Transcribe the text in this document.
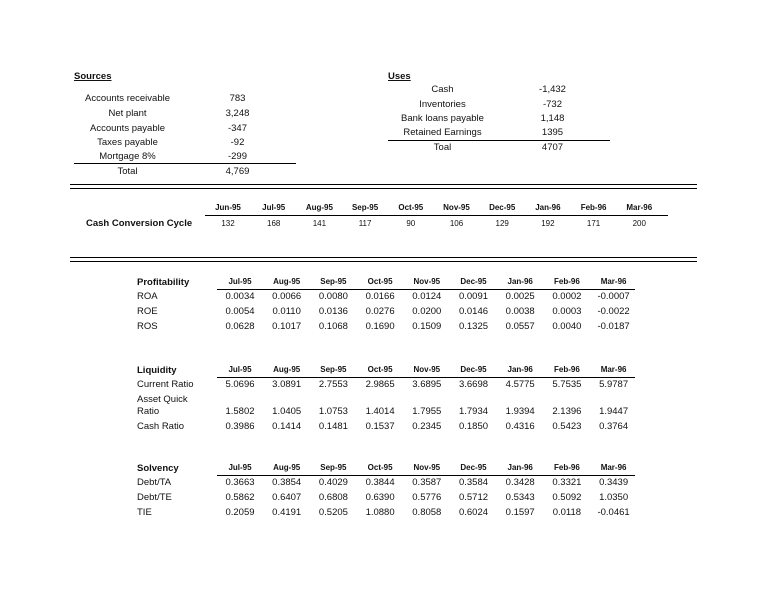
Sources
Accounts receivable	783
Net plant	3,248
Accounts payable	-347
Taxes payable	-92
Mortgage 8%	-299
Total	4,769
Uses
Cash	-1,432
Inventories	-732
Bank loans payable	1,148
Retained Earnings	1395
Toal	4707
Jun-95	Jul-95	Aug-95	Sep-95	Oct-95	Nov-95	Dec-95	Jan-96	Feb-96	Mar-96
Cash Conversion Cycle	132	168	141	117	90	106	129	192	171	200
Profitability	Jul-95	Aug-95	Sep-95	Oct-95	Nov-95	Dec-95	Jan-96	Feb-96	Mar-96
ROA	0.0034	0.0066	0.0080	0.0166	0.0124	0.0091	0.0025	0.0002	-0.0007
ROE	0.0054	0.0110	0.0136	0.0276	0.0200	0.0146	0.0038	0.0003	-0.0022
ROS	0.0628	0.1017	0.1068	0.1690	0.1509	0.1325	0.0557	0.0040	-0.0187
Liquidity	Jul-95	Aug-95	Sep-95	Oct-95	Nov-95	Dec-95	Jan-96	Feb-96	Mar-96
Current Ratio	5.0696	3.0891	2.7553	2.9865	3.6895	3.6698	4.5775	5.7535	5.9787
Asset Quick
Ratio	1.5802	1.0405	1.0753	1.4014	1.7955	1.7934	1.9394	2.1396	1.9447
Cash Ratio	0.3986	0.1414	0.1481	0.1537	0.2345	0.1850	0.4316	0.5423	0.3764
Solvency	Jul-95	Aug-95	Sep-95	Oct-95	Nov-95	Dec-95	Jan-96	Feb-96	Mar-96
Debt/TA	0.3663	0.3854	0.4029	0.3844	0.3587	0.3584	0.3428	0.3321	0.3439
Debt/TE	0.5862	0.6407	0.6808	0.6390	0.5776	0.5712	0.5343	0.5092	1.0350
TIE	0.2059	0.4191	0.5205	1.0880	0.8058	0.6024	0.1597	0.0118	-0.0461
